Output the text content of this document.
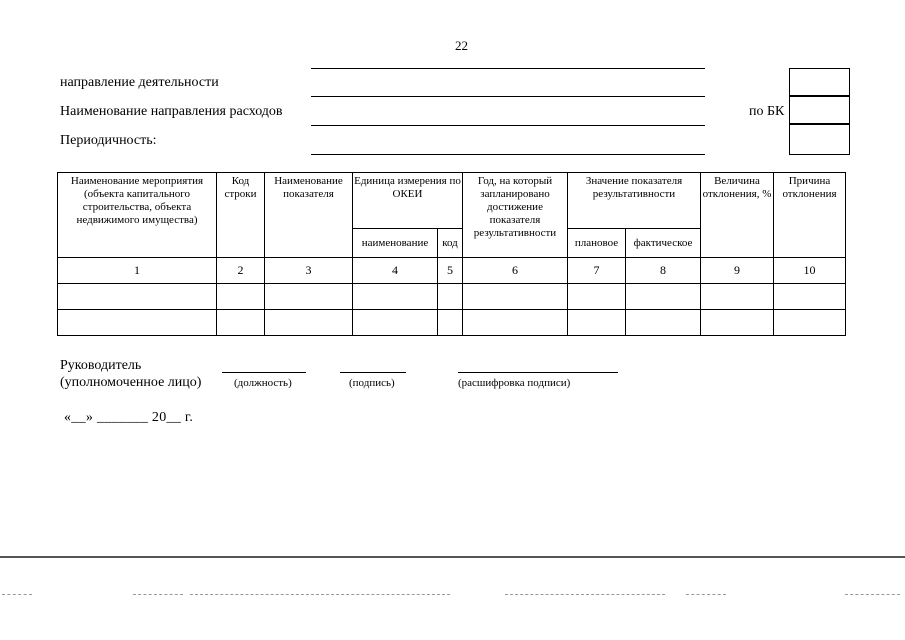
22
направление деятельности
Наименование направления расходов
Периодичность:
по БК
Наименование мероприятия (объекта капитального строительства, объекта недвижимого имущества)	Код строки	Наименование показателя	Единица измерения по ОКЕИ		Год, на который запланировано достижение показателя результативности	Значение показателя результативности		Величина отклонения, %	Причина отклонения
			наименование	код		плановое	фактическое		
1	2	3	4	5	6	7	8	9	10

Руководитель
(уполномоченное лицо)	(должность)	(подпись)	(расшифровка подписи)
«__» _______ 20__ г.
